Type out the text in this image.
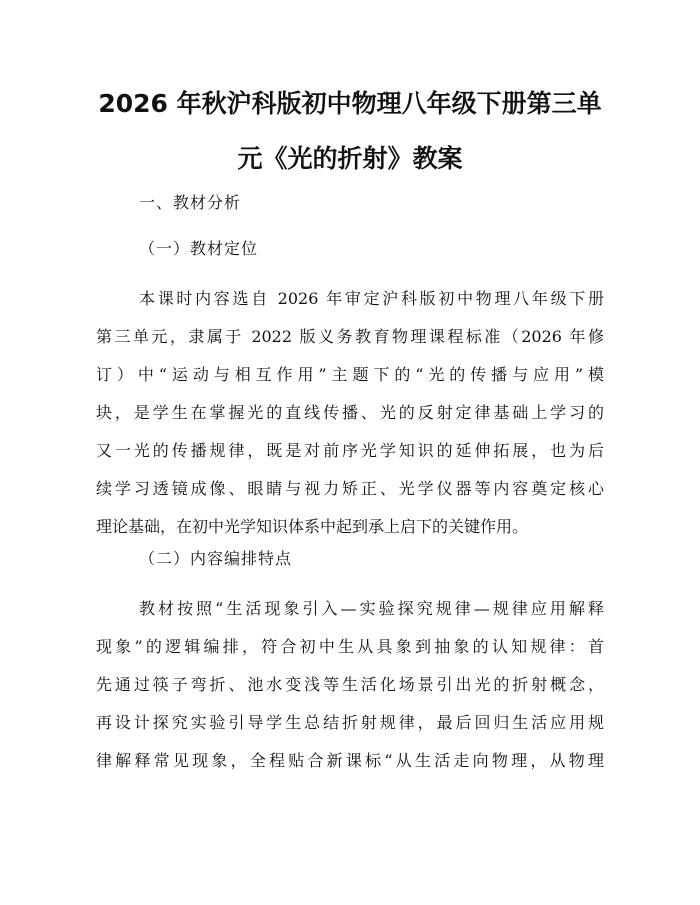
2026 年秋沪科版初中物理八年级下册第三单
元《光的折射》教案
一、教材分析
（一）教材定位
本课时内容选自 2026 年审定沪科版初中物理八年级下册
第三单元，隶属于 2022 版义务教育物理课程标准（2026 年修
订）中“运动与相互作用”主题下的“光的传播与应用”模
块，是学生在掌握光的直线传播、光的反射定律基础上学习的
又一光的传播规律，既是对前序光学知识的延伸拓展，也为后
续学习透镜成像、眼睛与视力矫正、光学仪器等内容奠定核心
理论基础，在初中光学知识体系中起到承上启下的关键作用。
（二）内容编排特点
教材按照“生活现象引入—实验探究规律—规律应用解释
现象”的逻辑编排，符合初中生从具象到抽象的认知规律：首
先通过筷子弯折、池水变浅等生活化场景引出光的折射概念，
再设计探究实验引导学生总结折射规律，最后回归生活应用规
律解释常见现象，全程贴合新课标“从生活走向物理，从物理
